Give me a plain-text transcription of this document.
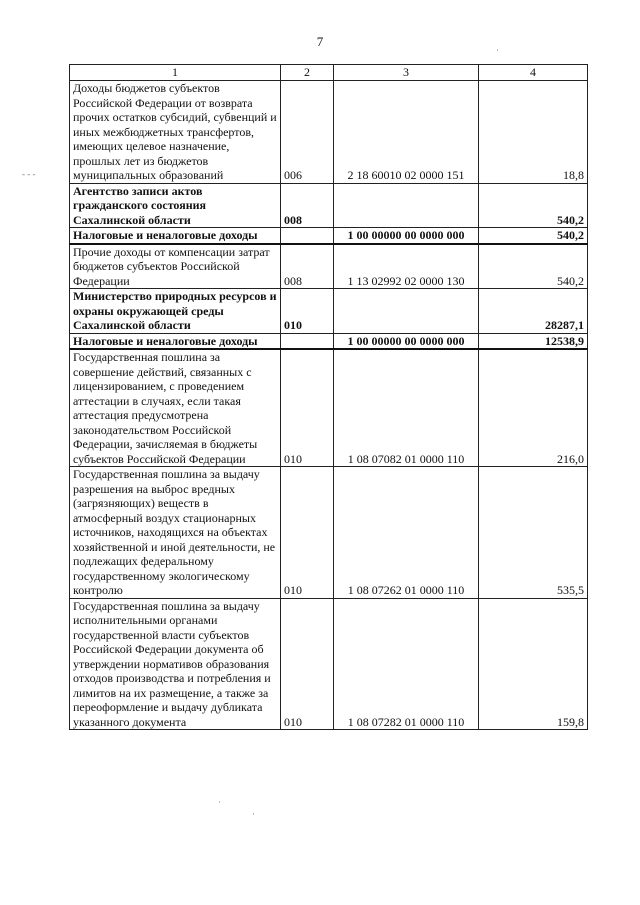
7
1	2	3	4
Доходы бюджетов субъектов Российской Федерации от возврата прочих остатков субсидий, субвенций и иных межбюджетных трансфертов, имеющих целевое назначение, прошлых лет из бюджетов муниципальных образований	006	2 18 60010 02 0000 151	18,8
Агентство записи актов гражданского состояния Сахалинской области	008		540,2
Налоговые и неналоговые доходы		1 00 00000 00 0000 000	540,2
Прочие доходы от компенсации затрат бюджетов субъектов Российской Федерации	008	1 13 02992 02 0000 130	540,2
Министерство природных ресурсов и охраны окружающей среды Сахалинской области	010		28287,1
Налоговые и неналоговые доходы		1 00 00000 00 0000 000	12538,9
Государственная пошлина за совершение действий, связанных с лицензированием, с проведением аттестации в случаях, если такая аттестация предусмотрена законодательством Российской Федерации, зачисляемая в бюджеты субъектов Российской Федерации	010	1 08 07082 01 0000 110	216,0
Государственная пошлина за выдачу разрешения на выброс вредных (загрязняющих) веществ в атмосферный воздух стационарных источников, находящихся на объектах хозяйственной и иной деятельности, не подлежащих федеральному государственному экологическому контролю	010	1 08 07262 01 0000 110	535,5
Государственная пошлина за выдачу исполнительными органами государственной власти субъектов Российской Федерации документа об утверждении нормативов образования отходов производства и потребления и лимитов на их размещение, а также за переоформление и выдачу дубликата указанного документа	010	1 08 07282 01 0000 110	159,8
‐ ‐ ‐
·
·
·
